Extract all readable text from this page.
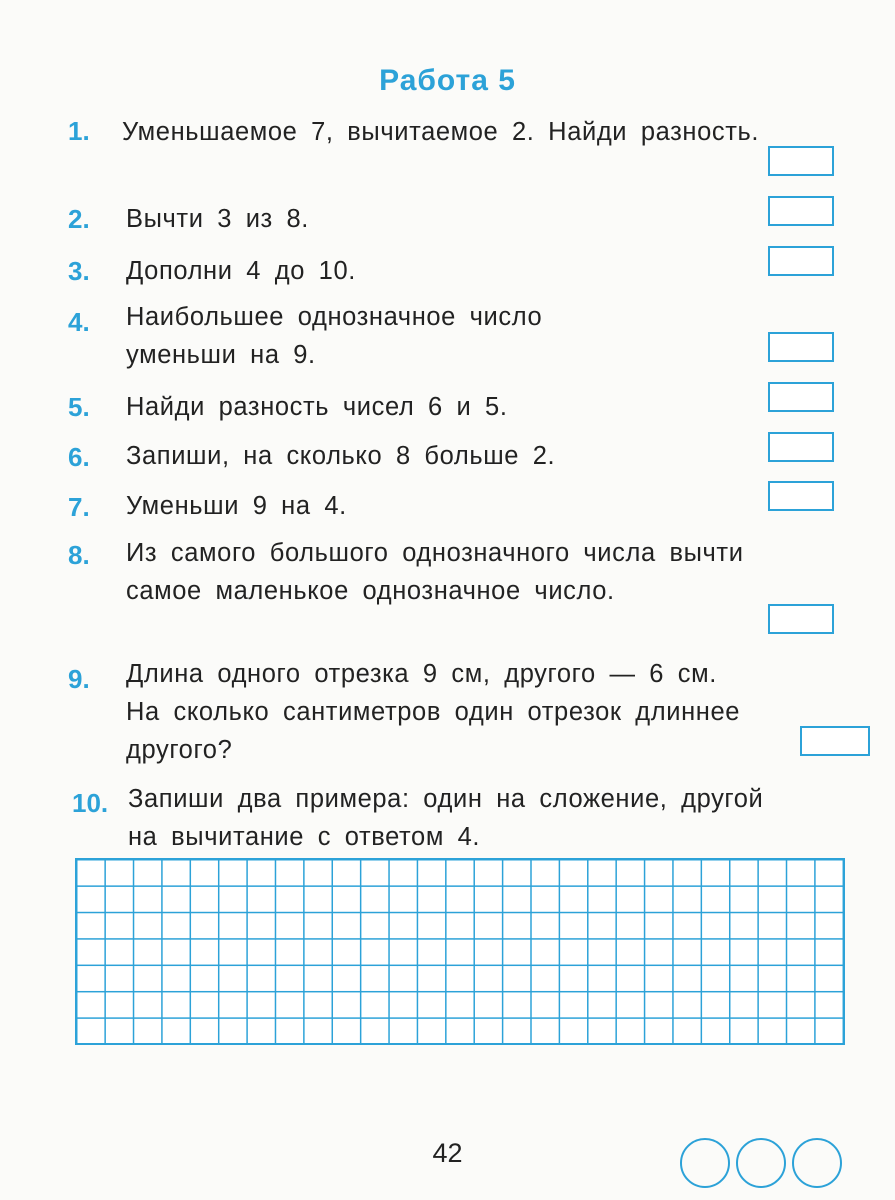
Работа 5
1. Уменьшаемое 7, вычитаемое 2. Найди разность.
2. Вычти 3 из 8.
3. Дополни 4 до 10.
4. Наибольшее однозначное число уменьши на 9.
5. Найди разность чисел 6 и 5.
6. Запиши, на сколько 8 больше 2.
7. Уменьши 9 на 4.
8. Из самого большого однозначного числа вычти самое маленькое однозначное число.
9. Длина одного отрезка 9 см, другого — 6 см. На сколько сантиметров один отрезок длиннее другого?
10. Запиши два примера: один на сложение, другой на вычитание с ответом 4.
42
